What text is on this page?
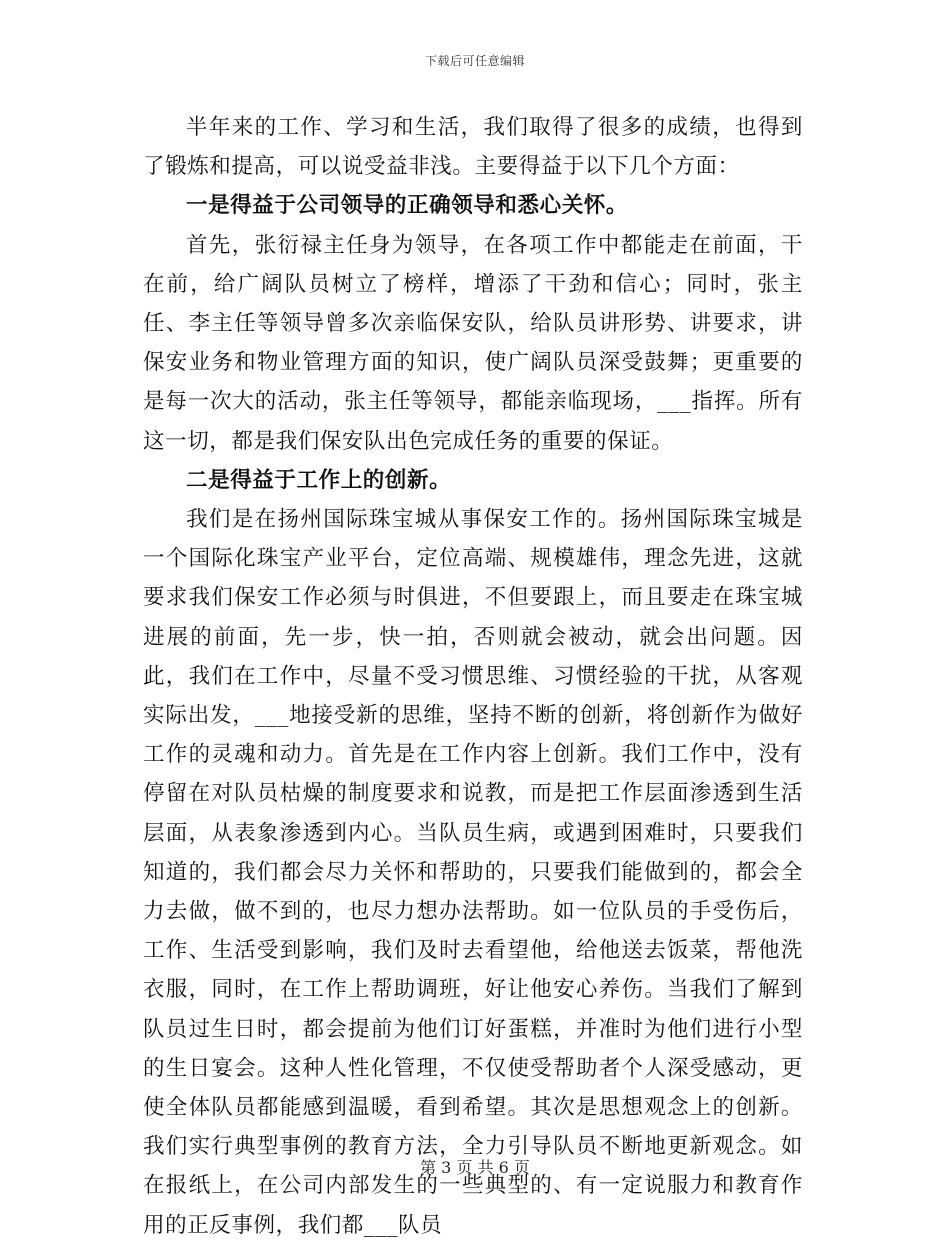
下载后可任意编辑

半年来的工作、学习和生活，我们取得了很多的成绩，也得到了锻炼和提高，可以说受益非浅。主要得益于以下几个方面：

一是得益于公司领导的正确领导和悉心关怀。

首先，张衍禄主任身为领导，在各项工作中都能走在前面，干在前，给广阔队员树立了榜样，增添了干劲和信心；同时，张主任、李主任等领导曾多次亲临保安队，给队员讲形势、讲要求，讲保安业务和物业管理方面的知识，使广阔队员深受鼓舞；更重要的是每一次大的活动，张主任等领导，都能亲临现场，___指挥。所有这一切，都是我们保安队出色完成任务的重要的保证。

二是得益于工作上的创新。

我们是在扬州国际珠宝城从事保安工作的。扬州国际珠宝城是一个国际化珠宝产业平台，定位高端、规模雄伟，理念先进，这就要求我们保安工作必须与时俱进，不但要跟上，而且要走在珠宝城进展的前面，先一步，快一拍，否则就会被动，就会出问题。因此，我们在工作中，尽量不受习惯思维、习惯经验的干扰，从客观实际出发，___地接受新的思维，坚持不断的创新，将创新作为做好工作的灵魂和动力。首先是在工作内容上创新。我们工作中，没有停留在对队员枯燥的制度要求和说教，而是把工作层面渗透到生活层面，从表象渗透到内心。当队员生病，或遇到困难时，只要我们知道的，我们都会尽力关怀和帮助的，只要我们能做到的，都会全力去做，做不到的，也尽力想办法帮助。如一位队员的手受伤后，工作、生活受到影响，我们及时去看望他，给他送去饭菜，帮他洗衣服，同时，在工作上帮助调班，好让他安心养伤。当我们了解到队员过生日时，都会提前为他们订好蛋糕，并准时为他们进行小型的生日宴会。这种人性化管理，不仅使受帮助者个人深受感动，更使全体队员都能感到温暖，看到希望。其次是思想观念上的创新。我们实行典型事例的教育方法，全力引导队员不断地更新观念。如在报纸上，在公司内部发生的一些典型的、有一定说服力和教育作用的正反事例，我们都___队员

第 3 页 共 6 页
